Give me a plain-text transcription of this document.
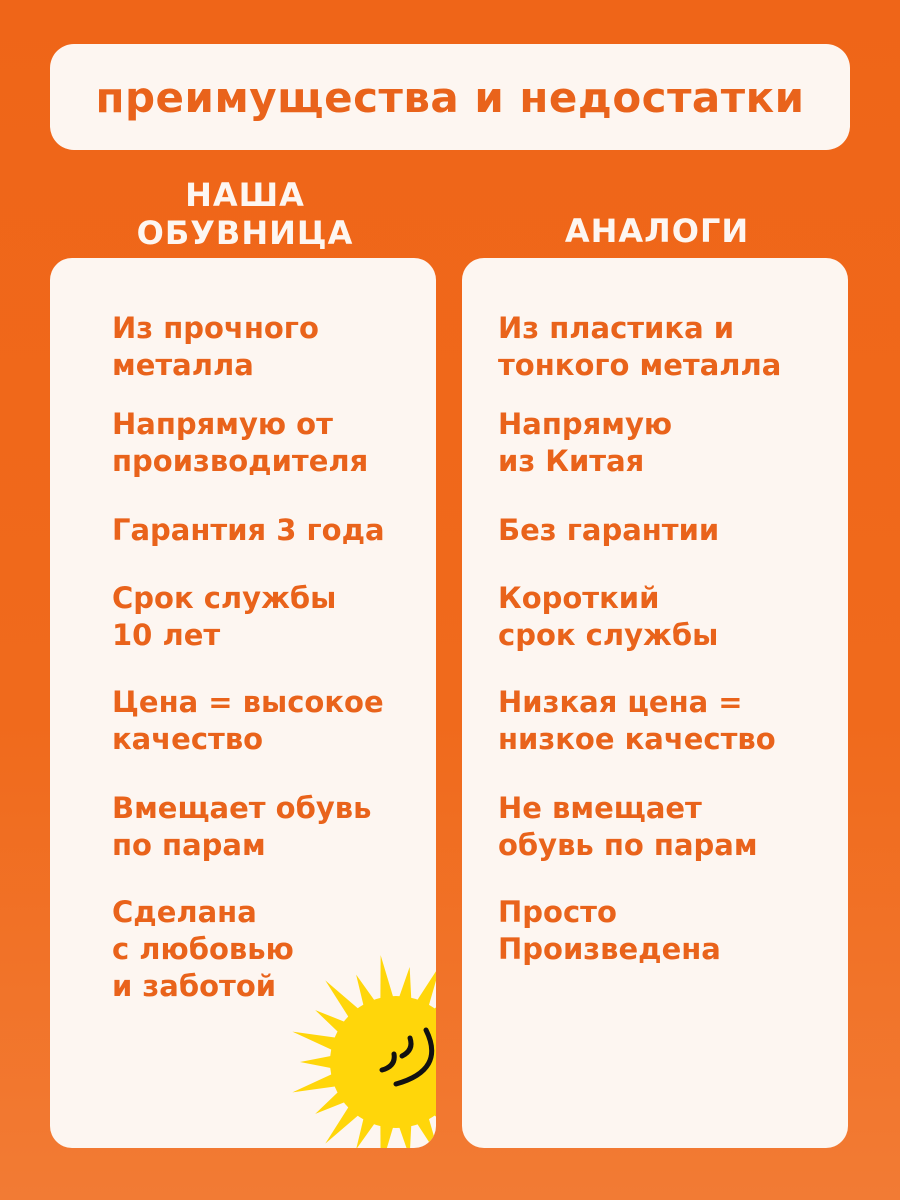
преимущества и недостатки
НАША
ОБУВНИЦА	АНАЛОГИ
Из прочного
металла
Напрямую от
производителя
Гарантия 3 года
Срок службы
10 лет
Цена = высокое
качество
Вмещает обувь
по парам
Сделана
с любовью
и заботой
Из пластика и
тонкого металла
Напрямую
из Китая
Без гарантии
Короткий
срок службы
Низкая цена =
низкое качество
Не вмещает
обувь по парам
Просто
Произведена
